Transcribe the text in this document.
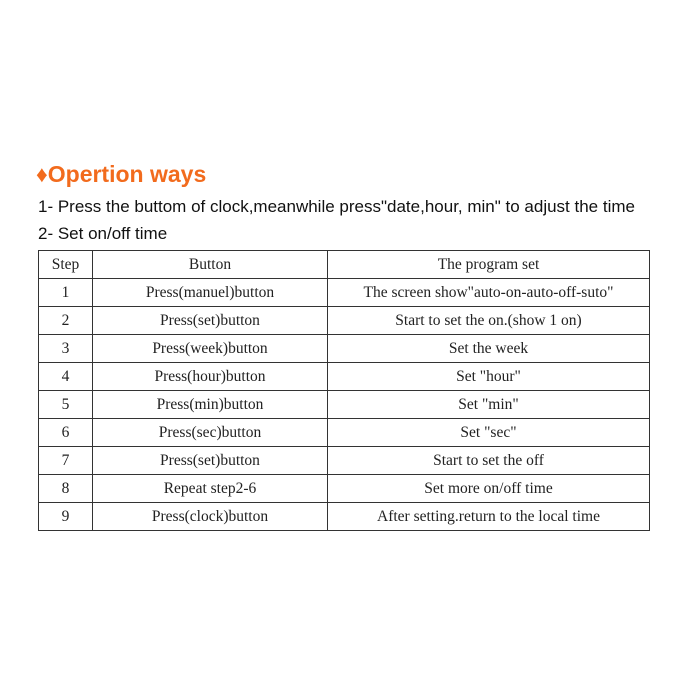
♦Opertion ways
1- Press the buttom of clock,meanwhile press"date,hour, min" to adjust the time
2- Set on/off time
Step	Button	The program set
1	Press(manuel)button	The screen show"auto-on-auto-off-suto"
2	Press(set)button	Start to set the on.(show 1 on)
3	Press(week)button	Set the week
4	Press(hour)button	Set "hour"
5	Press(min)button	Set "min"
6	Press(sec)button	Set "sec"
7	Press(set)button	Start to set the off
8	Repeat step2-6	Set more on/off time
9	Press(clock)button	After setting.return to the local time
